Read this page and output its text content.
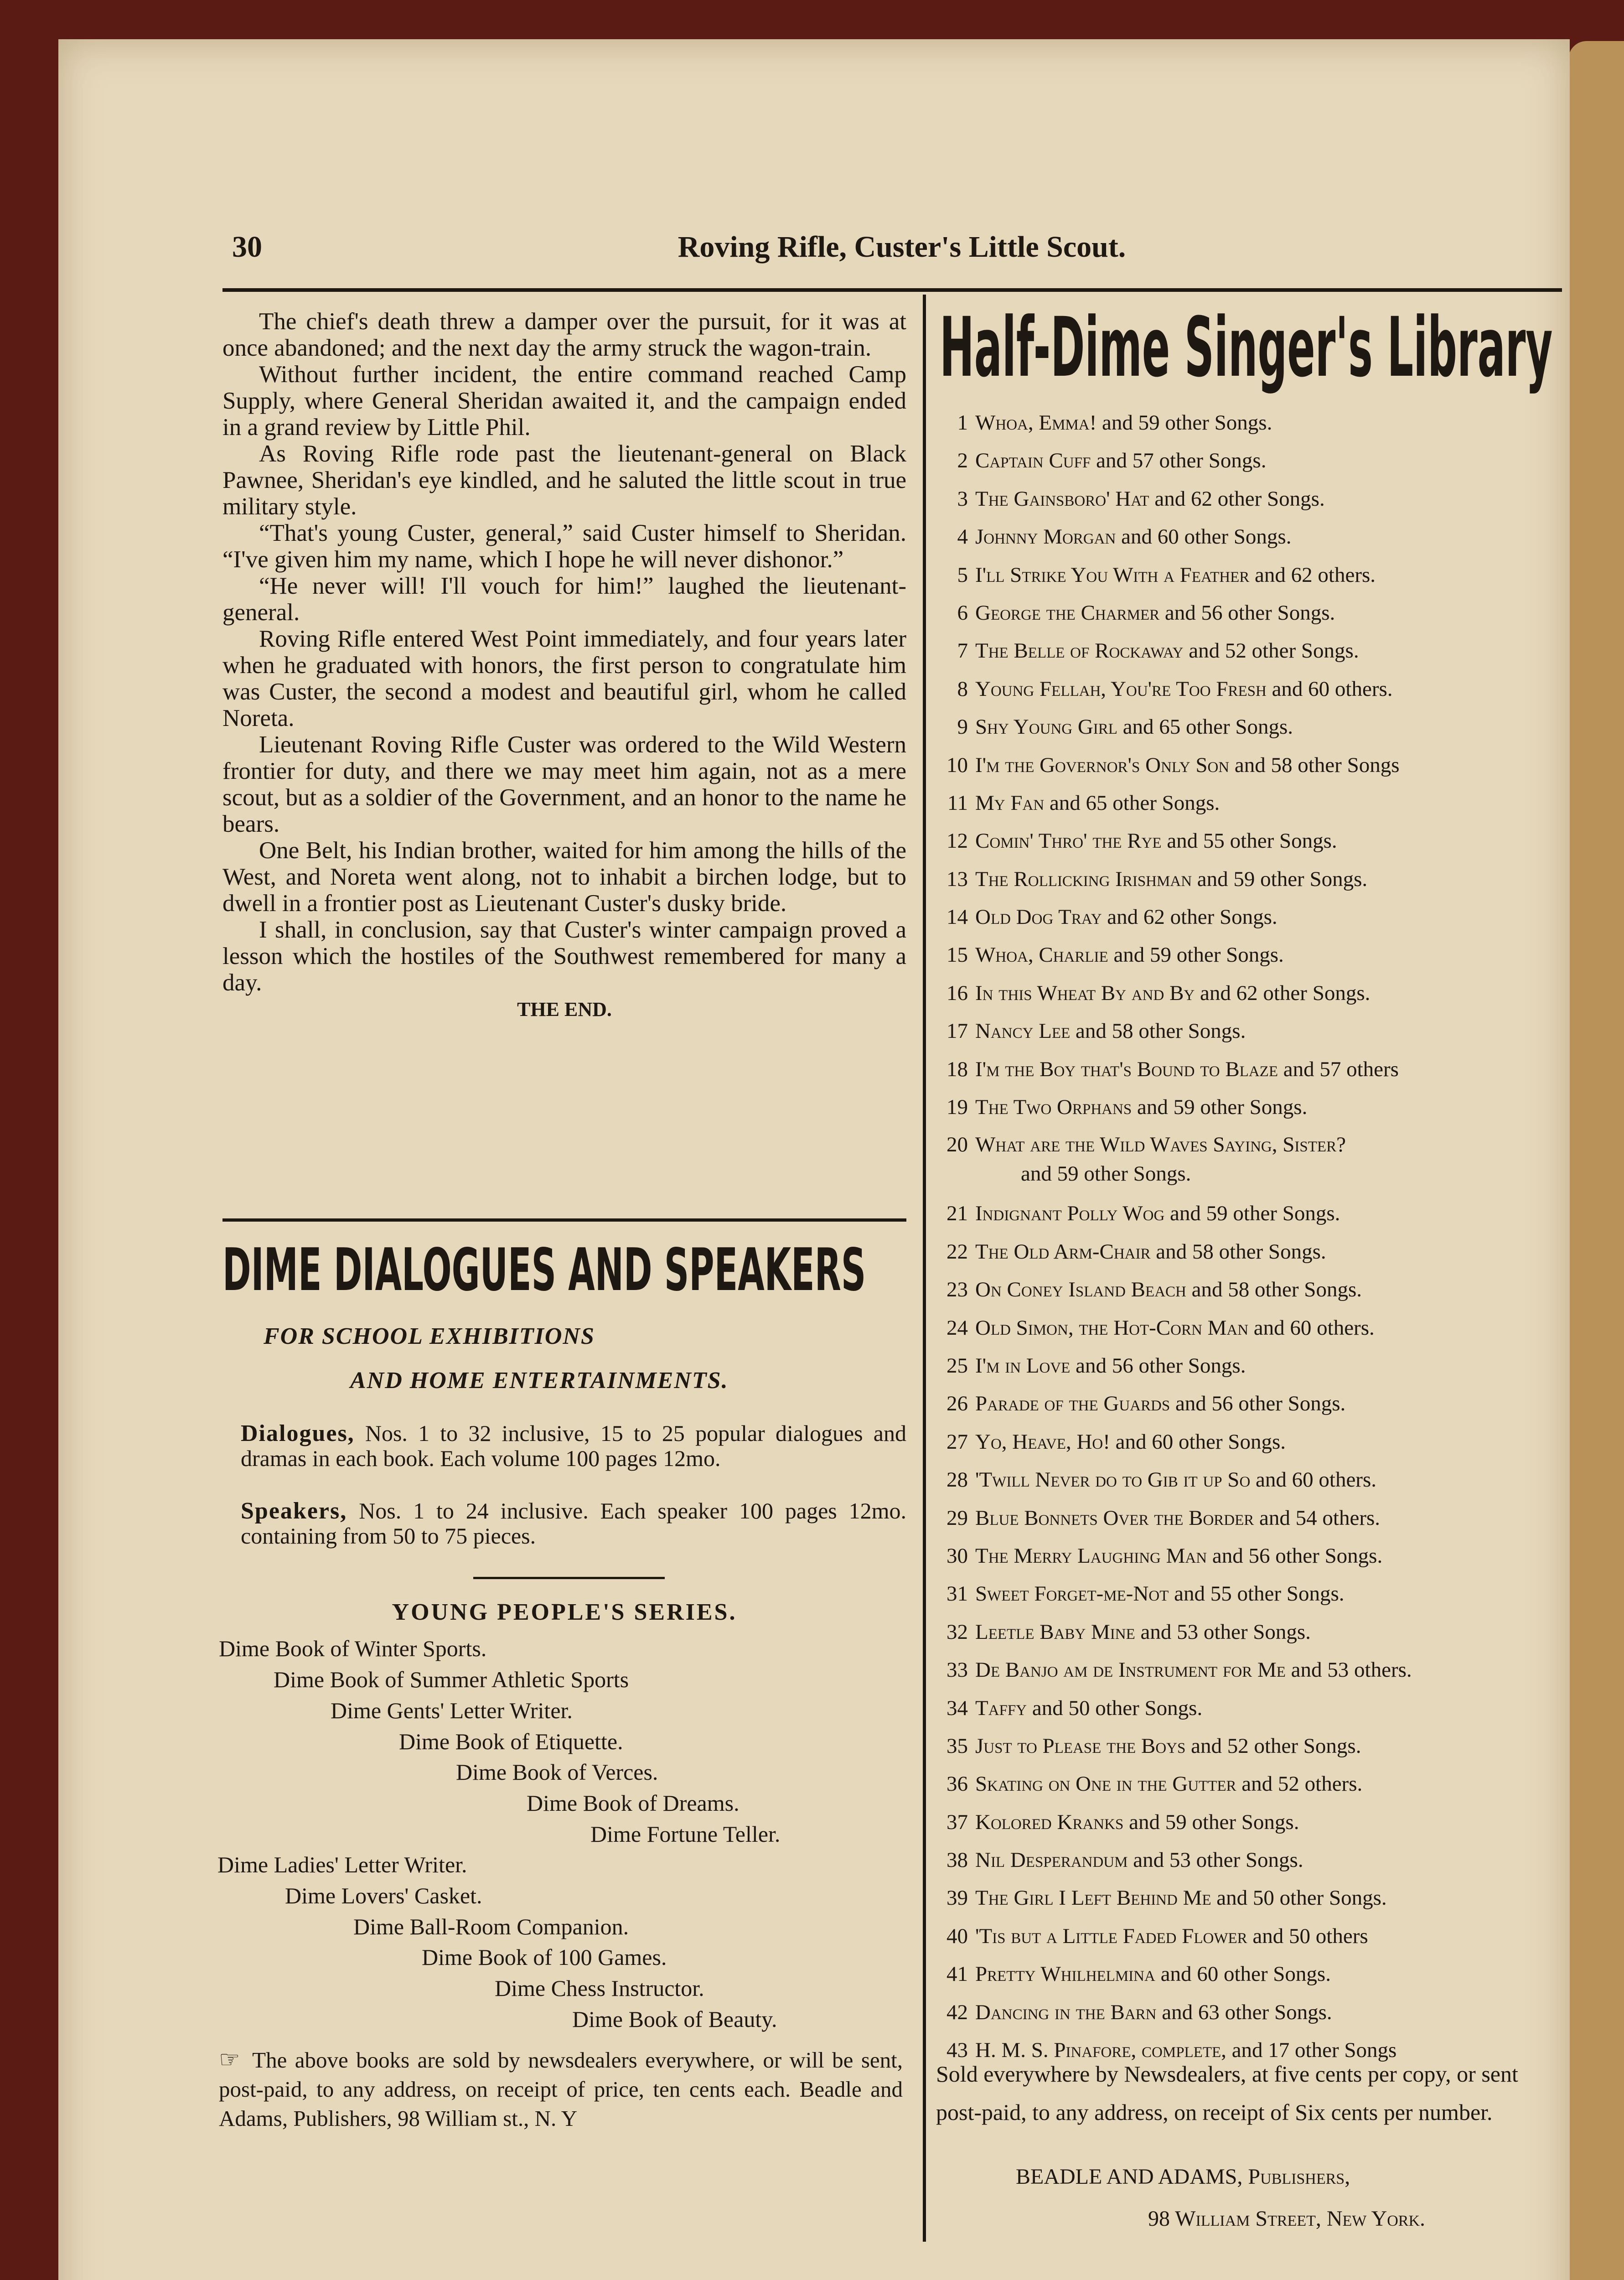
30	Roving Rifle, Custer's Little Scout.

The chief's death threw a damper over the pursuit, for it was at once abandoned; and the next day the army struck the wagon-train.

Without further incident, the entire command reached Camp Supply, where General Sheridan awaited it, and the campaign ended in a grand review by Little Phil.

As Roving Rifle rode past the lieutenant-general on Black Pawnee, Sheridan's eye kindled, and he saluted the little scout in true military style.

“That's young Custer, general,” said Custer himself to Sheridan. “I've given him my name, which I hope he will never dishonor.”

“He never will! I'll vouch for him!” laughed the lieutenant-general.

Roving Rifle entered West Point immediately, and four years later when he graduated with honors, the first person to congratulate him was Custer, the second a modest and beautiful girl, whom he called Noreta.

Lieutenant Roving Rifle Custer was ordered to the Wild Western frontier for duty, and there we may meet him again, not as a mere scout, but as a soldier of the Government, and an honor to the name he bears.

One Belt, his Indian brother, waited for him among the hills of the West, and Noreta went along, not to inhabit a birchen lodge, but to dwell in a frontier post as Lieutenant Custer's dusky bride.

I shall, in conclusion, say that Custer's winter campaign proved a lesson which the hostiles of the Southwest remembered for many a day.

THE END.
DIME DIALOGUES AND SPEAKERS
FOR SCHOOL EXHIBITIONS
AND HOME ENTERTAINMENTS.
Dialogues, Nos. 1 to 32 inclusive, 15 to 25 popular dialogues and dramas in each book. Each volume 100 pages 12mo.
Speakers, Nos. 1 to 24 inclusive. Each speaker 100 pages 12mo. containing from 50 to 75 pieces.
YOUNG PEOPLE'S SERIES.
Dime Book of Winter Sports.
Dime Book of Summer Athletic Sports
Dime Gents' Letter Writer.
Dime Book of Etiquette.
Dime Book of Verces.
Dime Book of Dreams.
Dime Fortune Teller.
Dime Ladies' Letter Writer.
Dime Lovers' Casket.
Dime Ball-Room Companion.
Dime Book of 100 Games.
Dime Chess Instructor.
Dime Book of Beauty.
☞ The above books are sold by newsdealers everywhere, or will be sent, post-paid, to any address, on receipt of price, ten cents each. Beadle and Adams, Publishers, 98 William st., N. Y
Half-Dime Singer's Library
1 Whoa, Emma! and 59 other Songs.
2 Captain Cuff and 57 other Songs.
3 The Gainsboro' Hat and 62 other Songs.
4 Johnny Morgan and 60 other Songs.
5 I'll Strike You With a Feather and 62 others.
6 George the Charmer and 56 other Songs.
7 The Belle of Rockaway and 52 other Songs.
8 Young Fellah, You're Too Fresh and 60 others.
9 Shy Young Girl and 65 other Songs.
10 I'm the Governor's Only Son and 58 other Songs
11 My Fan and 65 other Songs.
12 Comin' Thro' the Rye and 55 other Songs.
13 The Rollicking Irishman and 59 other Songs.
14 Old Dog Tray and 62 other Songs.
15 Whoa, Charlie and 59 other Songs.
16 In this Wheat By and By and 62 other Songs.
17 Nancy Lee and 58 other Songs.
18 I'm the Boy that's Bound to Blaze and 57 others
19 The Two Orphans and 59 other Songs.
20 What are the Wild Waves Saying, Sister?
and 59 other Songs.
21 Indignant Polly Wog and 59 other Songs.
22 The Old Arm-Chair and 58 other Songs.
23 On Coney Island Beach and 58 other Songs.
24 Old Simon, the Hot-Corn Man and 60 others.
25 I'm in Love and 56 other Songs.
26 Parade of the Guards and 56 other Songs.
27 Yo, Heave, Ho! and 60 other Songs.
28 'Twill Never do to Gib it up So and 60 others.
29 Blue Bonnets Over the Border and 54 others.
30 The Merry Laughing Man and 56 other Songs.
31 Sweet Forget-me-Not and 55 other Songs.
32 Leetle Baby Mine and 53 other Songs.
33 De Banjo am de Instrument for Me and 53 others.
34 Taffy and 50 other Songs.
35 Just to Please the Boys and 52 other Songs.
36 Skating on One in the Gutter and 52 others.
37 Kolored Kranks and 59 other Songs.
38 Nil Desperandum and 53 other Songs.
39 The Girl I Left Behind Me and 50 other Songs.
40 'Tis but a Little Faded Flower and 50 others
41 Pretty Whilhelmina and 60 other Songs.
42 Dancing in the Barn and 63 other Songs.
43 H. M. S. Pinafore, complete, and 17 other Songs
Sold everywhere by Newsdealers, at five cents per copy, or sent post-paid, to any address, on receipt of Six cents per number.
BEADLE AND ADAMS, Publishers,
98 William Street, New York.
